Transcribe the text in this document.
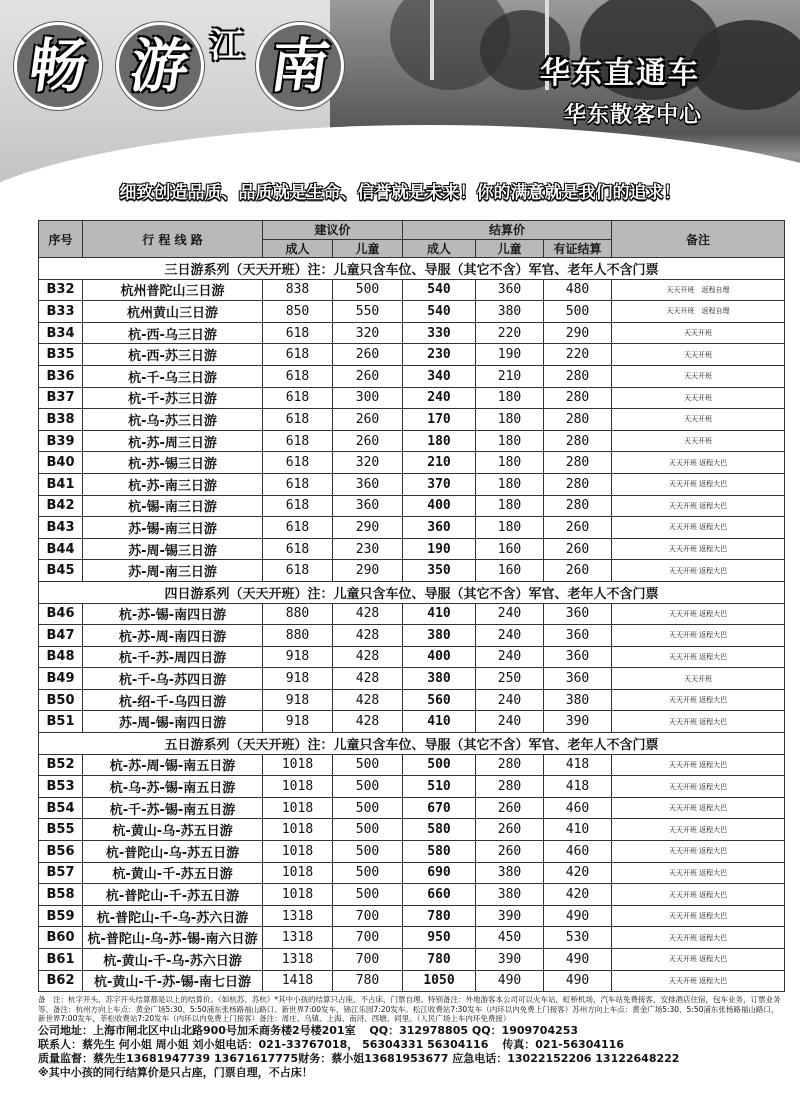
畅 游 江 南	华东直通车
华东散客中心
细致创造品质、品质就是生命、信誉就是未来！你的满意就是我们的追求！
序号	行 程 线 路	建议价		结算价			备注
		成人	儿童	成人	儿童	有证结算	
三日游系列（天天开班）注：儿童只含车位、导服（其它不含）军官、老年人不含门票							
B32	杭州普陀山三日游	838	500	540	360	480	天天开班　返程自理
B33	杭州黄山三日游	850	550	540	380	500	天天开班　返程自理
B34	杭-西-乌三日游	618	320	330	220	290	天天开班
B35	杭-西-苏三日游	618	260	230	190	220	天天开班
B36	杭-千-乌三日游	618	260	340	210	280	天天开班
B37	杭-千-苏三日游	618	300	240	180	280	天天开班
B38	杭-乌-苏三日游	618	260	170	180	280	天天开班
B39	杭-苏-周三日游	618	260	180	180	280	天天开班
B40	杭-苏-锡三日游	618	320	210	180	280	天天开班 返程大巴
B41	杭-苏-南三日游	618	360	370	180	280	天天开班 返程大巴
B42	杭-锡-南三日游	618	360	400	180	280	天天开班 返程大巴
B43	苏-锡-南三日游	618	290	360	180	260	天天开班 返程大巴
B44	苏-周-锡三日游	618	230	190	160	260	天天开班 返程大巴
B45	苏-周-南三日游	618	290	350	160	260	天天开班 返程大巴
四日游系列（天天开班）注：儿童只含车位、导服（其它不含）军官、老年人不含门票							
B46	杭-苏-锡-南四日游	880	428	410	240	360	天天开班 返程大巴
B47	杭-苏-周-南四日游	880	428	380	240	360	天天开班 返程大巴
B48	杭-千-苏-周四日游	918	428	400	240	360	天天开班 返程大巴
B49	杭-千-乌-苏四日游	918	428	380	250	360	天天开班
B50	杭-绍-千-乌四日游	918	428	560	240	380	天天开班 返程大巴
B51	苏-周-锡-南四日游	918	428	410	240	390	天天开班 返程大巴
五日游系列（天天开班）注：儿童只含车位、导服（其它不含）军官、老年人不含门票							
B52	杭-苏-周-锡-南五日游	1018	500	500	280	418	天天开班 返程大巴
B53	杭-乌-苏-锡-南五日游	1018	500	510	280	418	天天开班 返程大巴
B54	杭-千-苏-锡-南五日游	1018	500	670	260	460	天天开班 返程大巴
B55	杭-黄山-乌-苏五日游	1018	500	580	260	410	天天开班 返程大巴
B56	杭-普陀山-乌-苏五日游	1018	500	580	260	460	天天开班 返程大巴
B57	杭-黄山-千-苏五日游	1018	500	690	380	420	天天开班 返程大巴
B58	杭-普陀山-千-苏五日游	1018	500	660	380	420	天天开班 返程大巴
B59	杭-普陀山-千-乌-苏六日游	1318	700	780	390	490	天天开班 返程大巴
B60	杭-普陀山-乌-苏-锡-南六日游	1318	700	950	450	530	天天开班 返程大巴
B61	杭-黄山-千-乌-苏六日游	1318	700	780	390	490	天天开班 返程大巴
B62	杭-黄山-千-苏-锡-南七日游	1418	780	1050	490	490	天天开班 返程大巴
备　注：杭字开头、苏字开头结算都是以上的结算价。《如杭苏、苏杭》*其中小孩的结算只占座。不占床，门票自理。特别备注：外地游客本公司可以火车站，虹桥机场，汽车站免费接客，安排酒店住宿，包车业务，订票业务等。备注：杭州方向上车点：黄金广场5:30、5:50浦东张杨路福山路口。新世界7:00发车，锦江乐园7:20发车。松江收费站7:30发车（内环以内免费上门接客）苏州方向上车点：黄金广场5:30、5:50浦东张杨路福山路口，新世界7:00发车，莘松收费站7:20发车（内环以内免费上门接客）备注：周庄、乌镇、上海、南浔、西塘、同里。（人民广场上车内环免费接）
公司地址：上海市闸北区中山北路900号加禾商务楼2号楼201室 QQ：312978805 QQ：1909704253
联系人：蔡先生 何小姐 周小姐 刘小姐电话：021-33767018， 56304331 56304116 传真：021-56304116
质量监督：蔡先生13681947739 13671617775财务：蔡小姐13681953677 应急电话：13022152206 13122648222
※其中小孩的同行结算价是只占座，门票自理，不占床！
